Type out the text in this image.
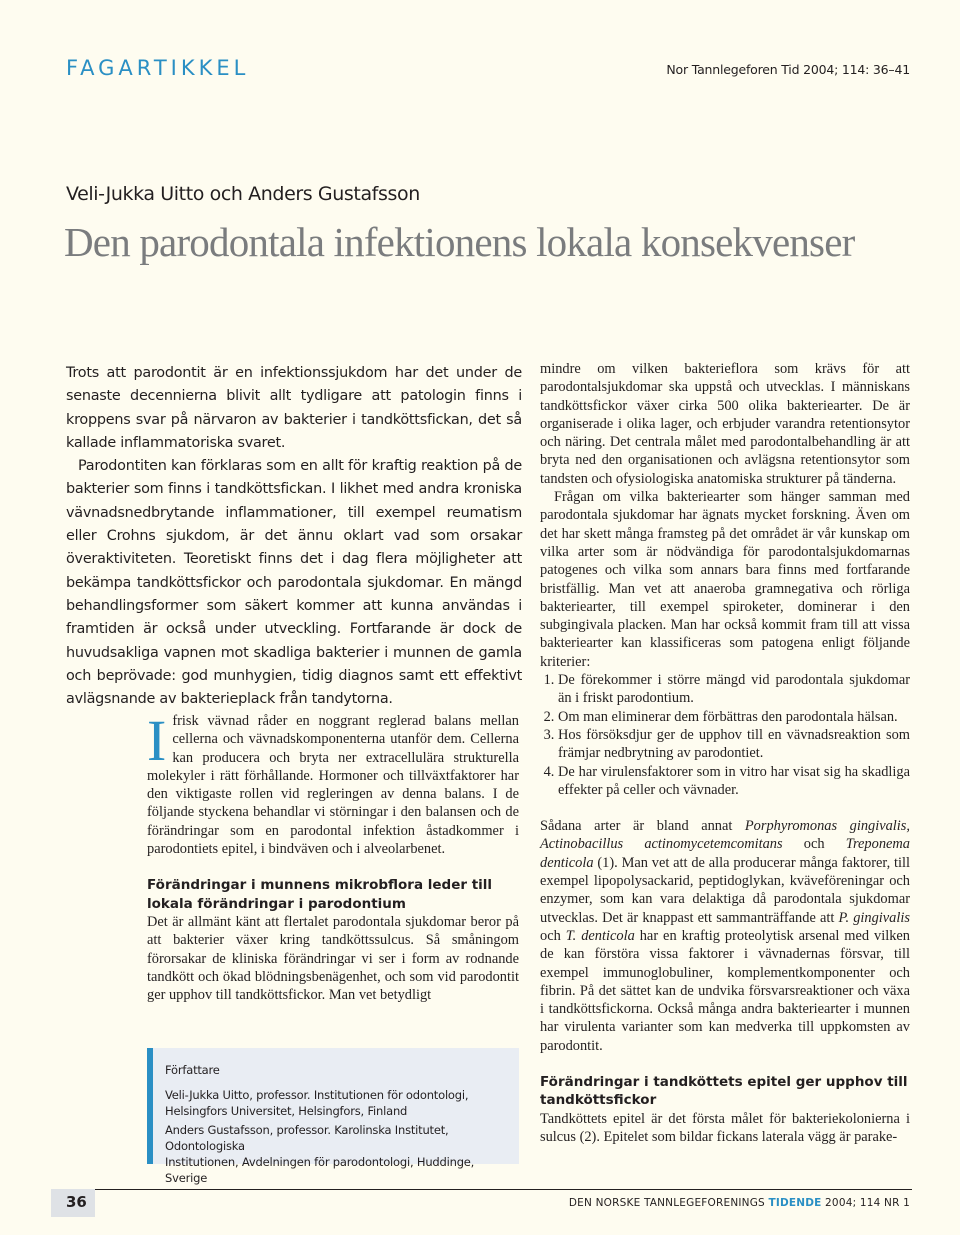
FAGARTIKKEL	Nor Tannlegeforen Tid 2004; 114: 36–41
Veli-Jukka Uitto och Anders Gustafsson
Den parodontala infektionens lokala konsekvenser

Trots att parodontit är en infektionssjukdom har det under de senaste decennierna blivit allt tydligare att patologin finns i kroppens svar på närvaron av bakterier i tandköttsfickan, det så kallade inflammatoriska svaret.

Parodontiten kan förklaras som en allt för kraftig reaktion på de bakterier som finns i tandköttsfickan. I likhet med andra kroniska vävnadsnedbrytande inflammationer, till exempel reumatism eller Crohns sjukdom, är det ännu oklart vad som orsakar överaktiviteten. Teoretiskt finns det i dag flera möjligheter att bekämpa tandköttsfickor och parodontala sjukdomar. En mängd behandlingsformer som säkert kommer att kunna användas i framtiden är också under utveckling. Fortfarande är dock de huvudsakliga vapnen mot skadliga bakterier i munnen de gamla och beprövade: god munhygien, tidig diagnos samt ett effektivt avlägsnande av bakterieplack från tandytorna.

I frisk vävnad råder en noggrant reglerad balans mellan cellerna och vävnadskomponenterna utanför dem. Cellerna kan producera och bryta ner extracellulära strukturella molekyler i rätt förhållande. Hormoner och tillväxtfaktorer har den viktigaste rollen vid regleringen av denna balans. I de följande styckena behandlar vi störningar i den balansen och de förändringar som en parodontal infektion åstadkommer i parodontiets epitel, i bindväven och i alveolarbenet.

Förändringar i munnens mikrobflora leder till lokala förändringar i parodontium

Det är allmänt känt att flertalet parodontala sjukdomar beror på att bakterier växer kring tandköttssulcus. Så småningom förorsakar de kliniska förändringar vi ser i form av rodnande tandkött och ökad blödningsbenägenhet, och som vid parodontit ger upphov till tandköttsfickor. Man vet betydligt

Författare
Veli-Jukka Uitto, professor. Institutionen för odontologi,
Helsingfors Universitet, Helsingfors, Finland
Anders Gustafsson, professor. Karolinska Institutet, Odontologiska
Institutionen, Avdelningen för parodontologi, Huddinge, Sverige

mindre om vilken bakterieflora som krävs för att parodontalsjukdomar ska uppstå och utvecklas. I människans tandköttsfickor växer cirka 500 olika bakteriearter. De är organiserade i olika lager, och erbjuder varandra retentionsytor och näring. Det centrala målet med parodontalbehandling är att bryta ned den organisationen och avlägsna retentionsytor som tandsten och ofysiologiska anatomiska strukturer på tänderna.

Frågan om vilka bakteriearter som hänger samman med parodontala sjukdomar har ägnats mycket forskning. Även om det har skett många framsteg på det området är vår kunskap om vilka arter som är nödvändiga för parodontalsjukdomarnas patogenes och vilka som annars bara finns med fortfarande bristfällig. Man vet att anaerobа gramnegativa och rörliga bakteriearter, till exempel spiroketer, dominerar i den subgingivala placken. Man har också kommit fram till att vissa bakteriearter kan klassificeras som patogena enligt följande kriterier:

1. De förekommer i större mängd vid parodontala sjukdomar än i friskt parodontium.
2. Om man eliminerar dem förbättras den parodontala hälsan.
3. Hos försöksdjur ger de upphov till en vävnadsreaktion som främjar nedbrytning av parodontiet.
4. De har virulensfaktorer som in vitro har visat sig ha skadliga effekter på celler och vävnader.

Sådana arter är bland annat Porphyromonas gingivalis, Actinobacillus actinomycetemcomitans och Treponema denticola (1). Man vet att de alla producerar många faktorer, till exempel lipopolysackarid, peptidoglykan, kväveföreningar och enzymer, som kan vara delaktiga då parodontala sjukdomar utvecklas. Det är knappast ett sammanträffande att P. gingivalis och T. denticola har en kraftig proteolytisk arsenal med vilken de kan förstöra vissa faktorer i vävnadernas försvar, till exempel immunoglobuliner, komplementkomponenter och fibrin. På det sättet kan de undvika försvarsreaktioner och växa i tandköttsfickorna. Också många andra bakteriearter i munnen har virulenta varianter som kan medverka till uppkomsten av parodontit.

Förändringar i tandköttets epitel ger upphov till tandköttsfickor

Tandköttets epitel är det första målet för bakteriekolonierna i sulcus (2). Epitelet som bildar fickans laterala vägg är parake-

36	DEN NORSKE TANNLEGEFORENINGS TIDENDE 2004; 114 NR 1
